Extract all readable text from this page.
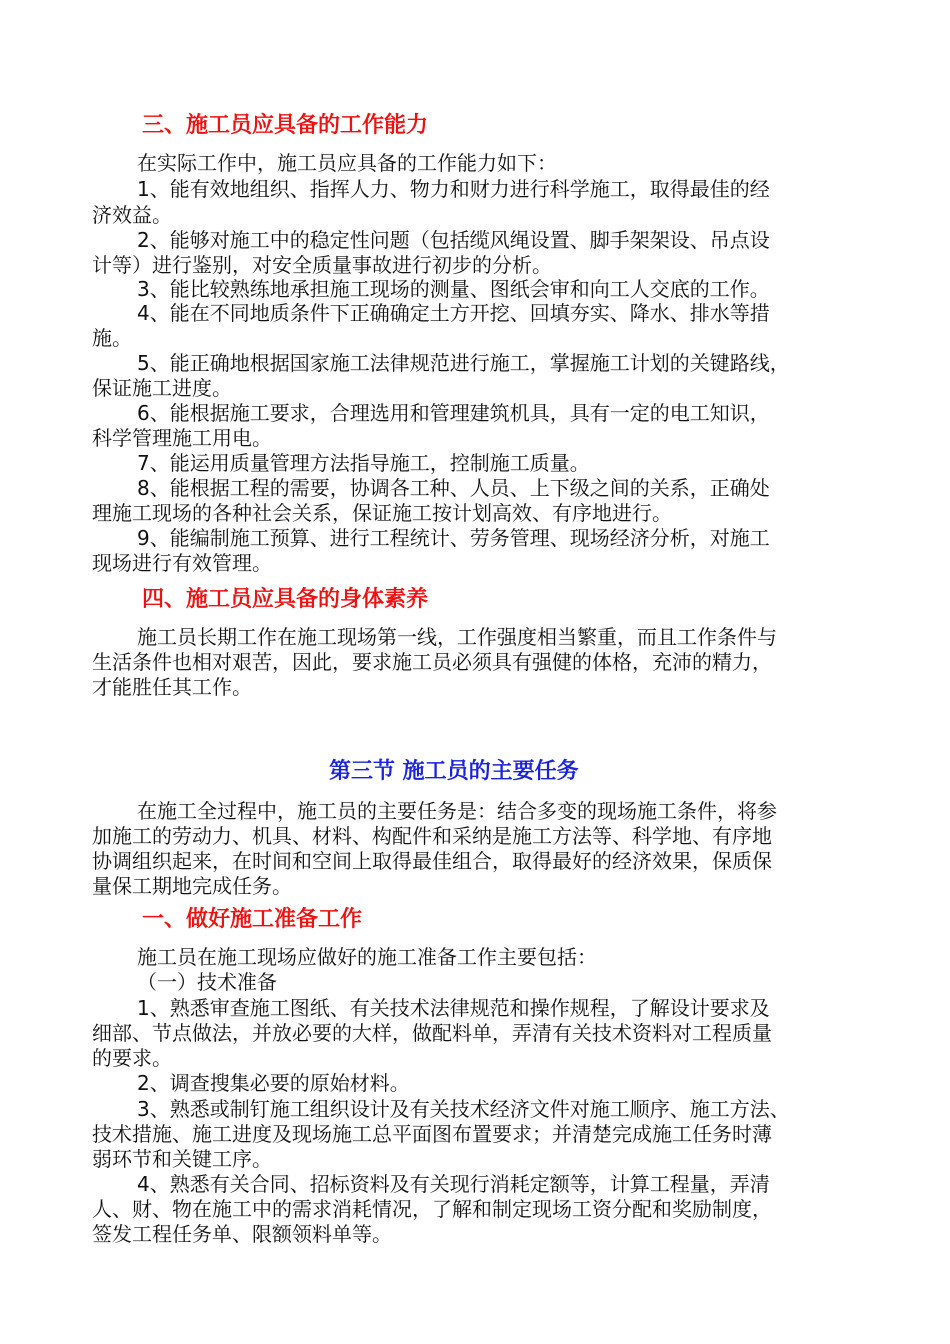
三、施工员应具备的工作能力
在实际工作中，施工员应具备的工作能力如下：
1、能有效地组织、指挥人力、物力和财力进行科学施工，取得最佳的经
济效益。
2、能够对施工中的稳定性问题（包括缆风绳设置、脚手架架设、吊点设
计等）进行鉴别，对安全质量事故进行初步的分析。
3、能比较熟练地承担施工现场的测量、图纸会审和向工人交底的工作。
4、能在不同地质条件下正确确定土方开挖、回填夯实、降水、排水等措
施。
5、能正确地根据国家施工法律规范进行施工，掌握施工计划的关键路线，
保证施工进度。
6、能根据施工要求，合理选用和管理建筑机具，具有一定的电工知识，
科学管理施工用电。
7、能运用质量管理方法指导施工，控制施工质量。
8、能根据工程的需要，协调各工种、人员、上下级之间的关系，正确处
理施工现场的各种社会关系，保证施工按计划高效、有序地进行。
9、能编制施工预算、进行工程统计、劳务管理、现场经济分析，对施工
现场进行有效管理。
四、施工员应具备的身体素养
施工员长期工作在施工现场第一线，工作强度相当繁重，而且工作条件与
生活条件也相对艰苦，因此，要求施工员必须具有强健的体格，充沛的精力，
才能胜任其工作。
第三节 施工员的主要任务
在施工全过程中，施工员的主要任务是：结合多变的现场施工条件，将参
加施工的劳动力、机具、材料、构配件和采纳是施工方法等、科学地、有序地
协调组织起来，在时间和空间上取得最佳组合，取得最好的经济效果，保质保
量保工期地完成任务。
一、做好施工准备工作
施工员在施工现场应做好的施工准备工作主要包括：
（一）技术准备
1、熟悉审查施工图纸、有关技术法律规范和操作规程，了解设计要求及
细部、节点做法，并放必要的大样，做配料单，弄清有关技术资料对工程质量
的要求。
2、调查搜集必要的原始材料。
3、熟悉或制钉施工组织设计及有关技术经济文件对施工顺序、施工方法、
技术措施、施工进度及现场施工总平面图布置要求；并清楚完成施工任务时薄
弱环节和关键工序。
4、熟悉有关合同、招标资料及有关现行消耗定额等，计算工程量，弄清
人、财、物在施工中的需求消耗情况，了解和制定现场工资分配和奖励制度，
签发工程任务单、限额领料单等。
